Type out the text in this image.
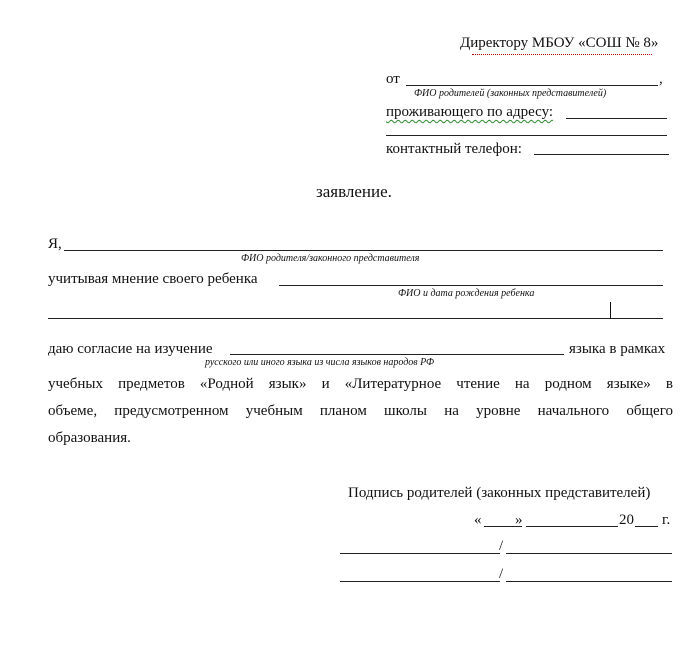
Директору МБОУ «СОШ № 8»
от	,
ФИО родителей (законных представителей)
проживающего по адресу:
контактный телефон:
заявление.
Я,
ФИО родителя/законного представителя
учитывая мнение своего ребенка
ФИО и дата рождения ребенка
даю согласие на изучение	языка в рамках
русского или иного языка из числа языков народов РФ
учебных предметов «Родной язык» и «Литературное чтение на родном языке» в
объеме, предусмотренном учебным планом школы на уровне начального общего
образования.
Подпись родителей (законных представителей)
« »	20 г.
/
/
